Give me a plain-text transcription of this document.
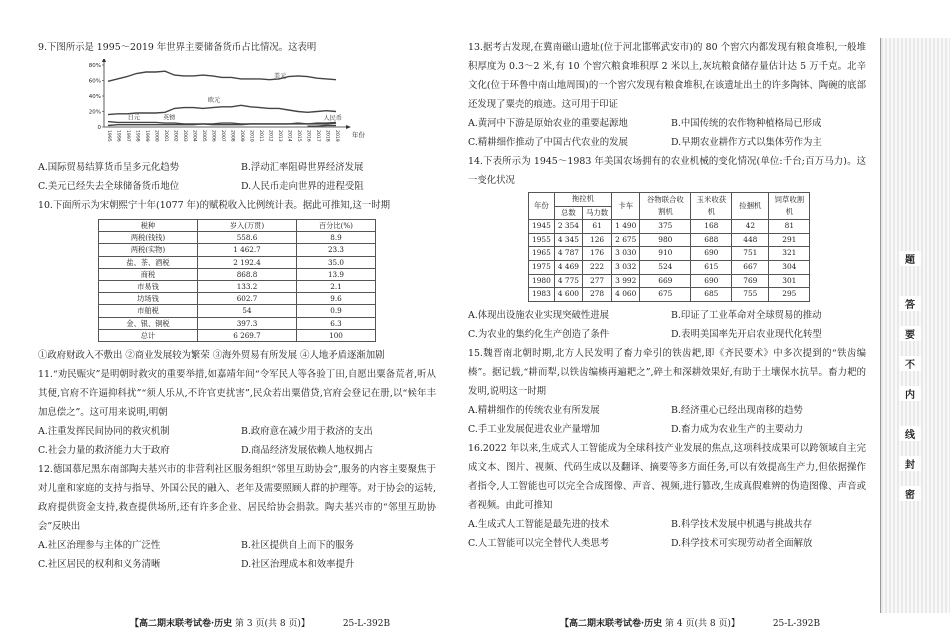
9.下图所示是 1995～2019 年世界主要储备货币占比情况。这表明

0
20%
40%
60%
80%
1995 1996 1997 1998 1999 2000 2001 2002 2003 2004 2005 2006 2007 2008 2009 2010 2011 2012 2013 2014 2015 2016 2017 2018 2019 年份
美元
欧元
日元	英镑	人民币
A.国际贸易结算货币呈多元化趋势	B.浮动汇率阻碍世界经济发展
C.美元已经失去全球储备货币地位	D.人民币走向世界的进程受阻

10.下面所示为宋朝熙宁十年(1077 年)的赋税收入比例统计表。据此可推知,这一时期

税种	岁入(万贯)	百分比(%)
两税(钱钱)	558.6	8.9
两税(实物)	1 462.7	23.3
盐、茶、酒税	2 192.4	35.0
商税	868.8	13.9
市易钱	133.2	2.1
坊场钱	602.7	9.6
市舶税	54	0.9
金、银、铜税	397.3	6.3
总计	6 269.7	100

①政府财政入不敷出 ②商业发展较为繁荣 ③海外贸易有所发展 ④人地矛盾逐渐加剧

11.“劝民赈灾”是明朝时救灾的重要举措,如嘉靖年间“令军民人等各验丁田,自愿出粟备荒者,听从其便,官府不许逼抑科扰”“须人乐从,不许官吏扰害”,民众若出粟借贷,官府会登记在册,以“候年丰加息偿之”。这可用来说明,明朝

A.注重发挥民间协同的救灾机制	B.政府意在减少用于救济的支出
C.社会力量的救济能力大于政府	D.商品经济发展依赖人地权拥占

12.德国慕尼黑东南部陶夫基兴市的非营利社区服务组织“邻里互助协会”,服务的内容主要聚焦于对儿童和家庭的支持与指导、外国公民的融入、老年及需要照顾人群的护理等。对于协会的运转,政府提供资金支持,救查提供场所,还有许多企业、居民给协会捐款。陶夫基兴市的“邻里互助协会”反映出

A.社区治理参与主体的广泛性	B.社区提供自上而下的服务
C.社区居民的权利和义务清晰	D.社区治理成本和效率提升
【高二期末联考试卷·历史 第 3 页(共 8 页)】	25-L-392B

13.据考古发现,在冀南磁山遗址(位于河北邯郸武安市)的 80 个窖穴内都发现有粮食堆积,一般堆积厚度为 0.3～2 米,有 10 个窖穴粮食堆积厚 2 米以上,灰坑粮食储存量估计达 5 万千克。北辛文化(位于环鲁中南山地周围)的一个窖穴发现有粮食堆积,在该遗址出土的许多陶钵、陶碗的底部还发现了粟壳的痕迹。这可用于印证

A.黄河中下游是原始农业的重要起源地	B.中国传统的农作物种植格局已形成
C.精耕细作推动了中国古代农业的发展	D.早期农业耕作方式以集体劳作为主

14.下表所示为 1945～1983 年美国农场拥有的农业机械的变化情况(单位:千台;百万马力)。这一变化状况

年份	拖拉机		卡车	谷物联合收割机	玉米收获机	捡捆机	饲草收割机
	总数	马力数					
1945	2 354	61	1 490	375	168	42	81
1955	4 345	126	2 675	980	688	448	291
1965	4 787	176	3 030	910	690	751	321
1975	4 469	222	3 032	524	615	667	304
1980	4 775	277	3 992	669	690	769	301
1983	4 600	278	4 060	675	685	755	295
A.体现出设施农业实现突破性进展	B.印证了工业革命对全球贸易的推动
C.为农业的集约化生产创造了条件	D.表明美国率先开启农业现代化转型

15.魏晋南北朝时期,北方人民发明了畜力牵引的铁齿耙,即《齐民要术》中多次提到的“铁齿编楱”。据记载,“耕而犁,以铁齿编楱再遍耙之”,碎土和深耕效果好,有助于土壤保水抗旱。畜力耙的发明,说明这一时期

A.精耕细作的传统农业有所发展	B.经济重心已经出现南移的趋势
C.手工业发展促进农业产量增加	D.畜力成为农业生产的主要动力

16.2022 年以来,生成式人工智能成为全球科技产业发展的焦点,这项科技成果可以跨领域自主完成文本、图片、视频、代码生成以及翻译、摘要等多方面任务,可以有效提高生产力,但依据操作者指令,人工智能也可以完全合成图像、声音、视频,进行篡改,生成真假难辨的伪造图像、声音或者视频。由此可推知

A.生成式人工智能是最先进的技术	B.科学技术发展中机遇与挑战共存
C.人工智能可以完全替代人类思考	D.科学技术可实现劳动者全面解放
【高二期末联考试卷·历史 第 4 页(共 8 页)】	25-L-392B
题
答
要
不
内
线
封
密
